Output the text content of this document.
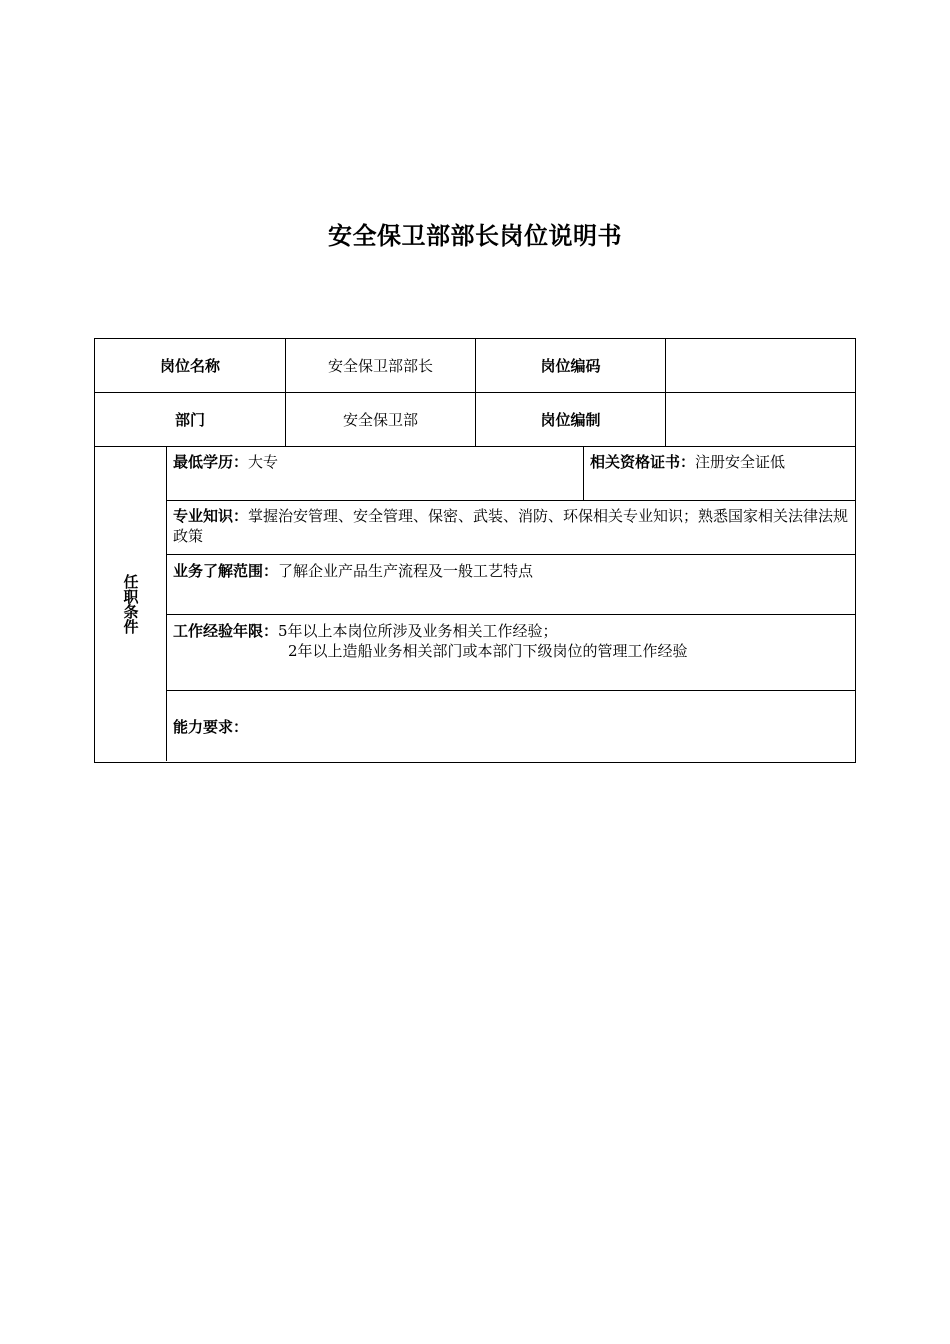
安全保卫部部长岗位说明书
岗位名称	安全保卫部部长	岗位编码
部门	安全保卫部	岗位编制
任职条件
最低学历：大专	相关资格证书：注册安全证低
专业知识：掌握治安管理、安全管理、保密、武装、消防、环保相关专业知识；熟悉国家相关法律法规政策
业务了解范围：了解企业产品生产流程及一般工艺特点
工作经验年限：5年以上本岗位所涉及业务相关工作经验；
2年以上造船业务相关部门或本部门下级岗位的管理工作经验
能力要求：
